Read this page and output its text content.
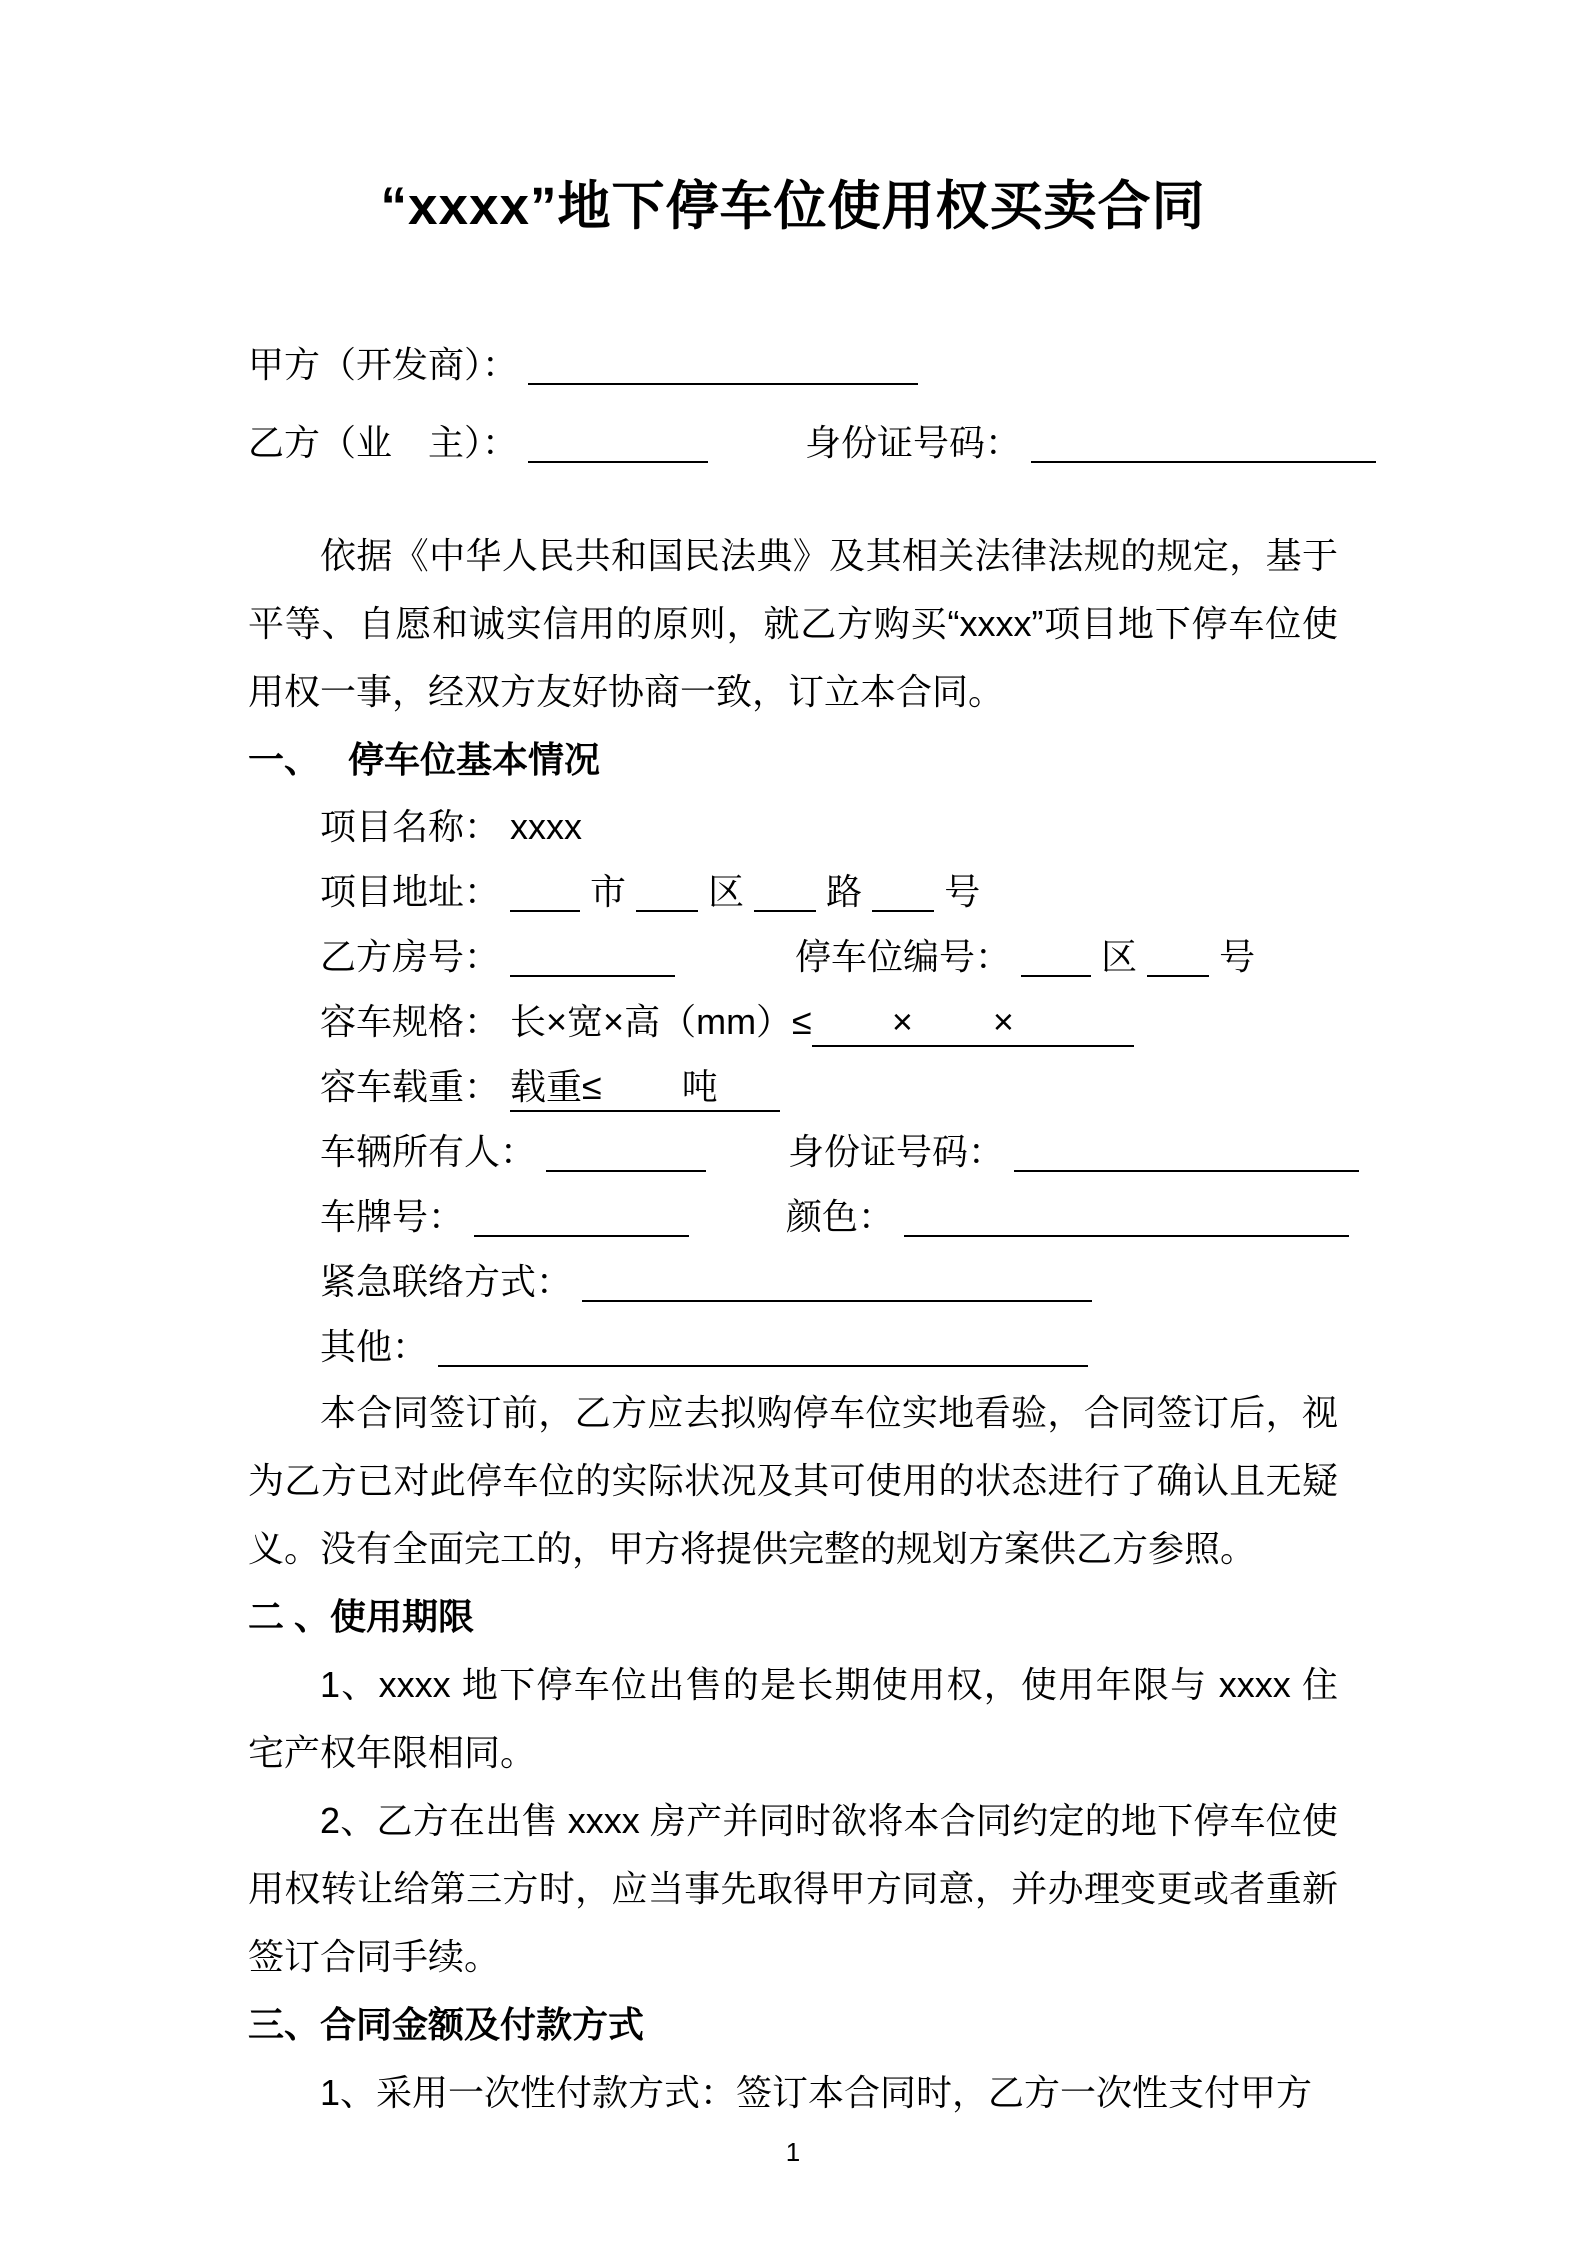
“xxxx”地下停车位使用权买卖合同
甲方（开发商）：
乙方（业　主）：	身份证号码：

依据《中华人民共和国民法典》及其相关法律法规的规定，基于平等、自愿和诚实信用的原则，就乙方购买“xxxx”项目地下停车位使用权一事，经双方友好协商一致，订立本合同。

一、 停车位基本情况
项目名称： xxxx
项目地址：	市 区 路 号
乙方房号：	停车位编号：	区 号
容车规格： 长×宽×高（mm）≤ × ×
容车载重： 载重≤ 吨
车辆所有人：	身份证号码：
车牌号：	颜色：
紧急联络方式：
其他：

本合同签订前，乙方应去拟购停车位实地看验，合同签订后，视为乙方已对此停车位的实际状况及其可使用的状态进行了确认且无疑义。没有全面完工的，甲方将提供完整的规划方案供乙方参照。

二 、使用期限

1、xxxx 地下停车位出售的是长期使用权，使用年限与 xxxx 住宅产权年限相同。

2、乙方在出售 xxxx 房产并同时欲将本合同约定的地下停车位使用权转让给第三方时，应当事先取得甲方同意，并办理变更或者重新签订合同手续。

三、合同金额及付款方式

1、采用一次性付款方式：签订本合同时，乙方一次性支付甲方

1
